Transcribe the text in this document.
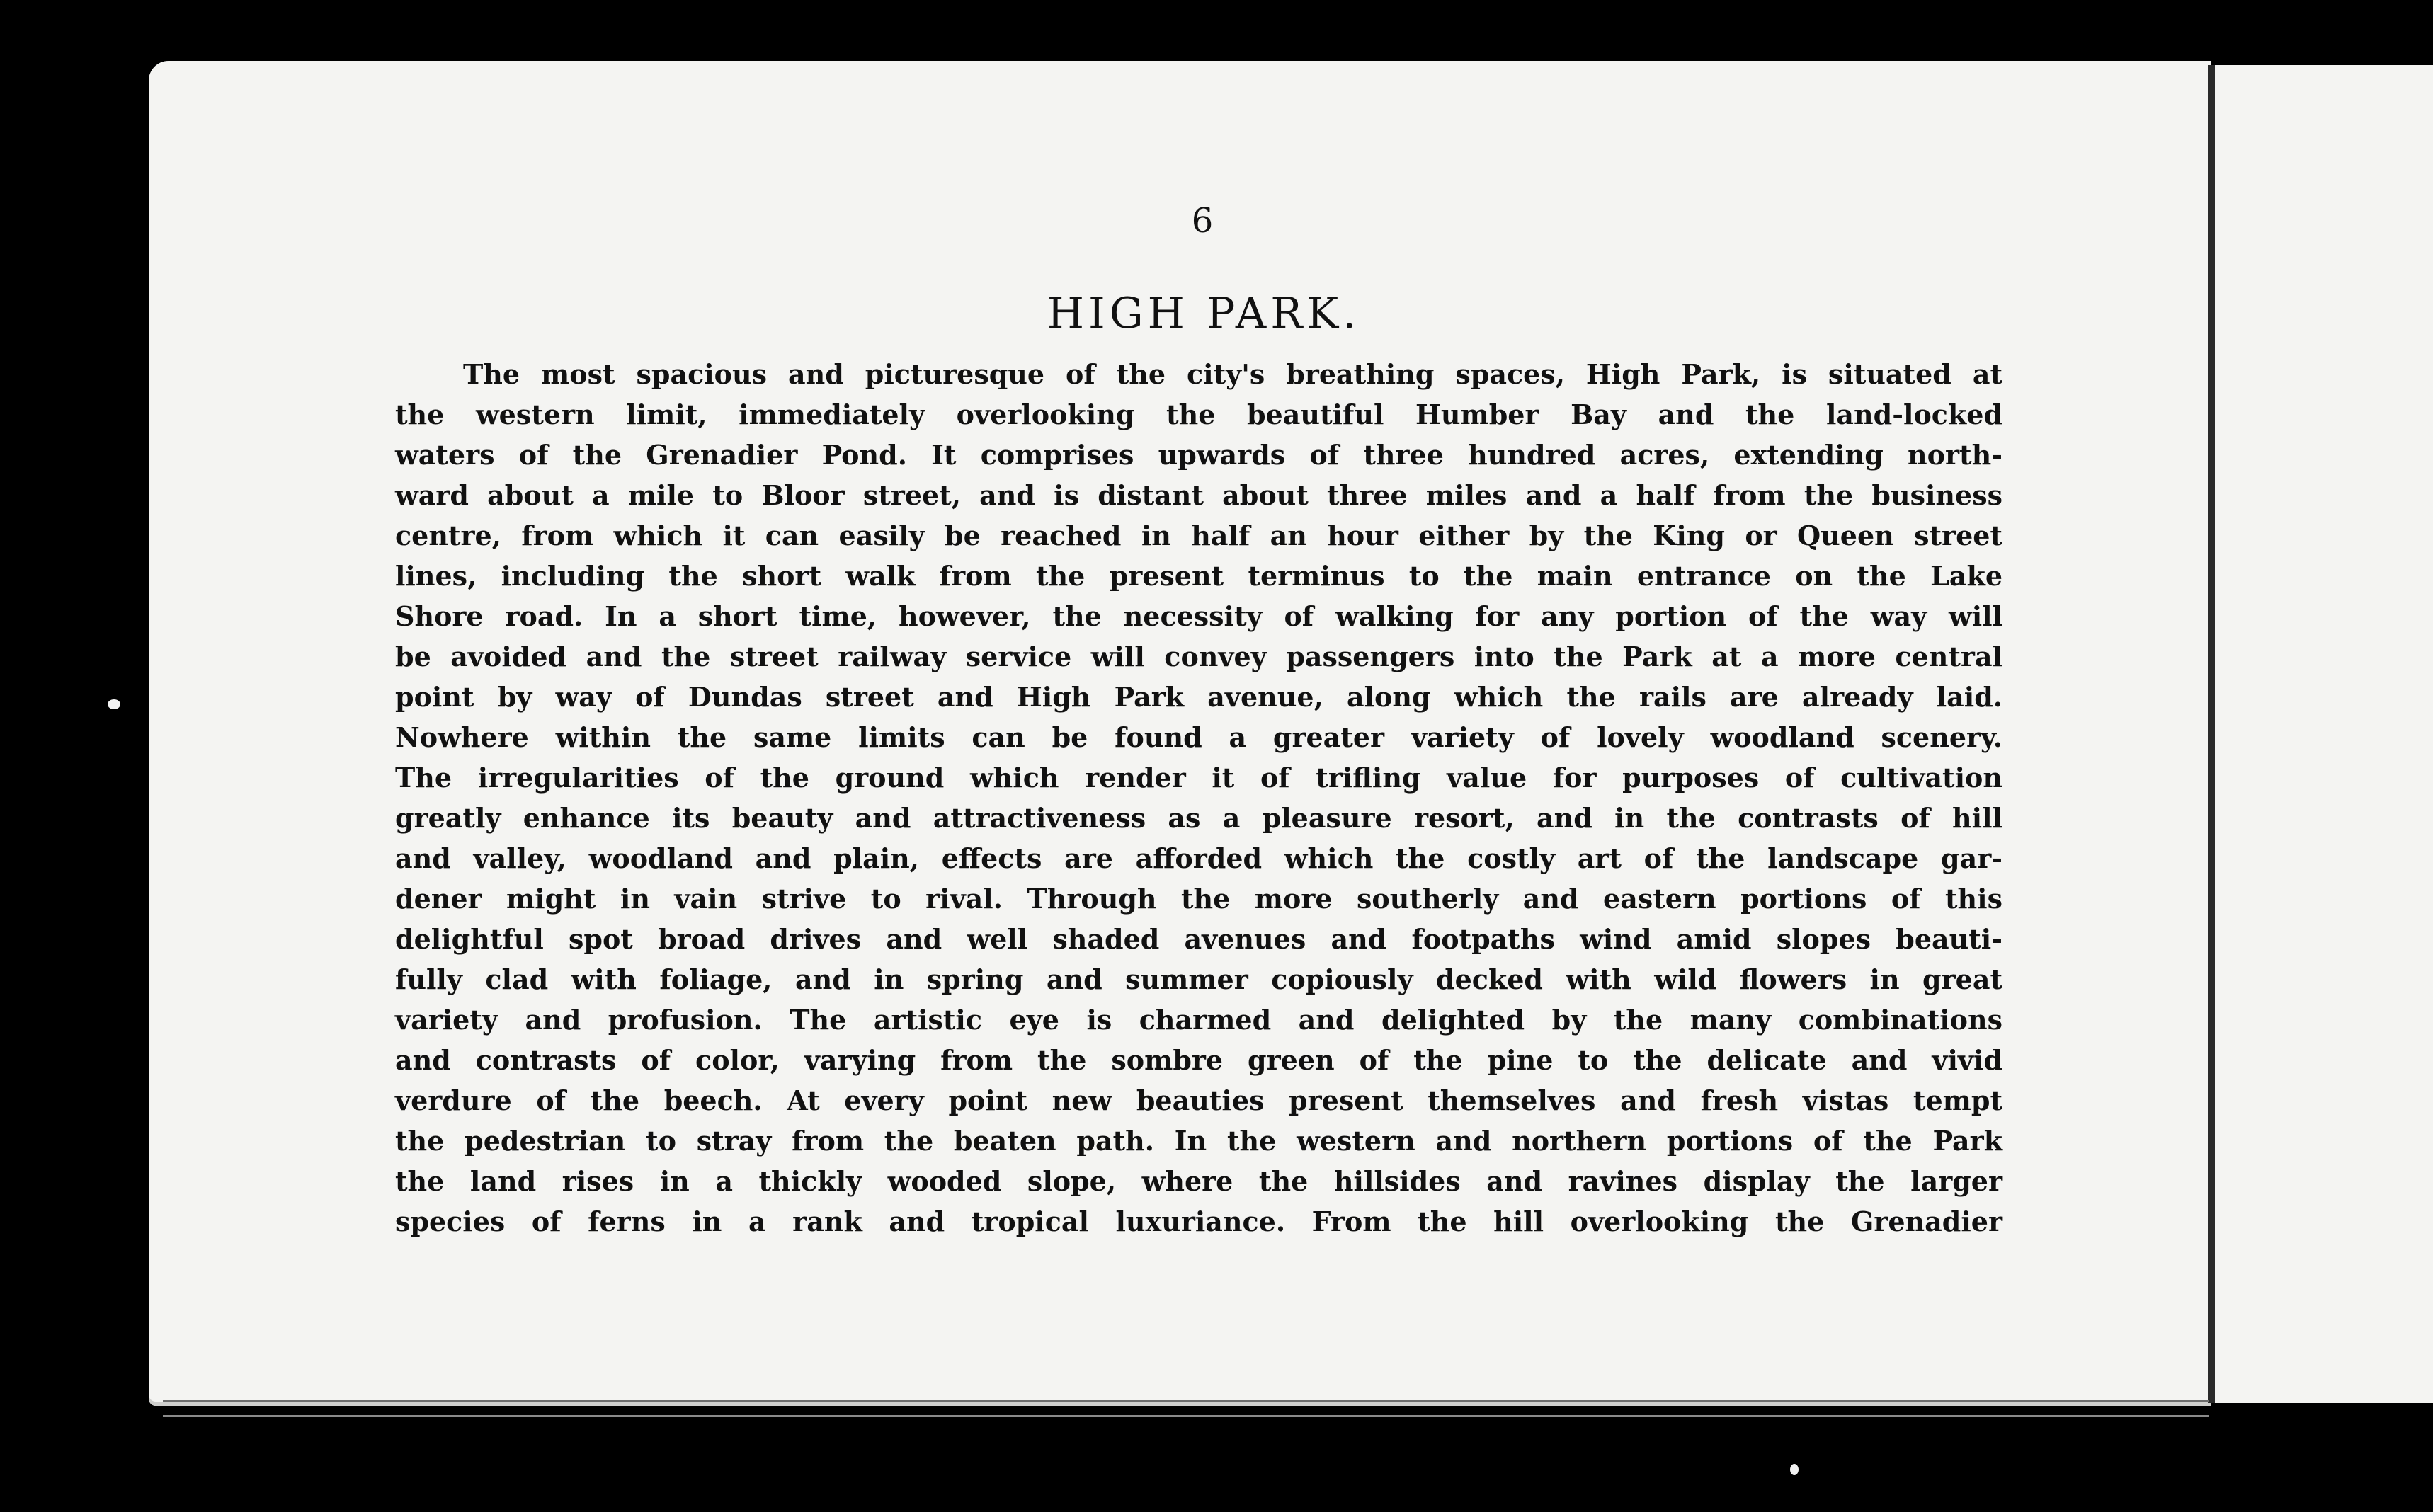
6
HIGH PARK.
The most spacious and picturesque of the city's breathing spaces, High Park, is situated at
the western limit, immediately overlooking the beautiful Humber Bay and the land-locked
waters of the Grenadier Pond. It comprises upwards of three hundred acres, extending north-
ward about a mile to Bloor street, and is distant about three miles and a half from the business
centre, from which it can easily be reached in half an hour either by the King or Queen street
lines, including the short walk from the present terminus to the main entrance on the Lake
Shore road. In a short time, however, the necessity of walking for any portion of the way will
be avoided and the street railway service will convey passengers into the Park at a more central
point by way of Dundas street and High Park avenue, along which the rails are already laid.
Nowhere within the same limits can be found a greater variety of lovely woodland scenery.
The irregularities of the ground which render it of trifling value for purposes of cultivation
greatly enhance its beauty and attractiveness as a pleasure resort, and in the contrasts of hill
and valley, woodland and plain, effects are afforded which the costly art of the landscape gar-
dener might in vain strive to rival. Through the more southerly and eastern portions of this
delightful spot broad drives and well shaded avenues and footpaths wind amid slopes beauti-
fully clad with foliage, and in spring and summer copiously decked with wild flowers in great
variety and profusion. The artistic eye is charmed and delighted by the many combinations
and contrasts of color, varying from the sombre green of the pine to the delicate and vivid
verdure of the beech. At every point new beauties present themselves and fresh vistas tempt
the pedestrian to stray from the beaten path. In the western and northern portions of the Park
the land rises in a thickly wooded slope, where the hillsides and ravines display the larger
species of ferns in a rank and tropical luxuriance. From the hill overlooking the Grenadier
